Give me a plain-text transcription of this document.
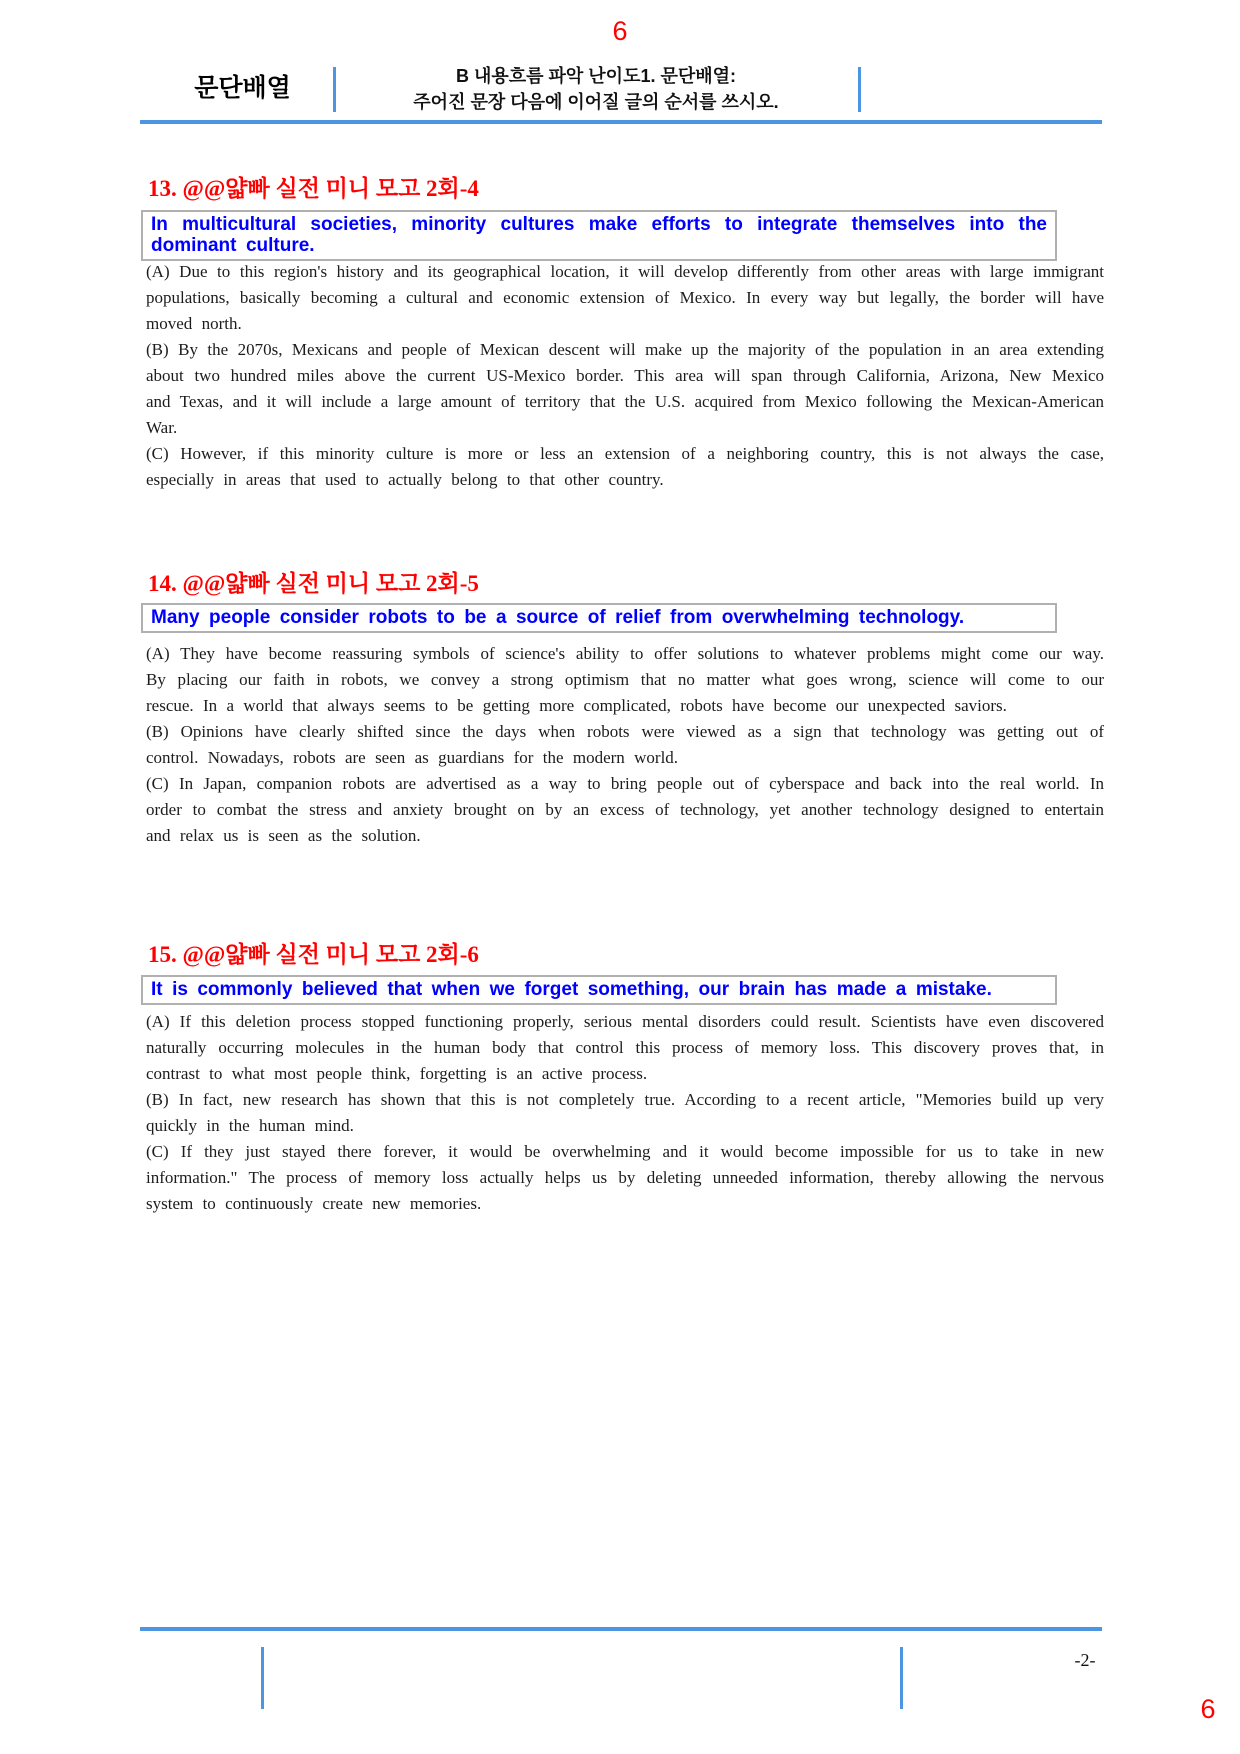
6
문단배열	B 내용흐름 파악 난이도1. 문단배열:
주어진 문장 다음에 이어질 글의 순서를 쓰시오.
13. @@얇빠 실전 미니 모고 2회-4
In multicultural societies, minority cultures make efforts to integrate themselves into the dominant culture.

(A) Due to this region's history and its geographical location, it will develop differently from other areas with large immigrant populations, basically becoming a cultural and economic extension of Mexico. In every way but legally, the border will have moved north.

(B) By the 2070s, Mexicans and people of Mexican descent will make up the majority of the population in an area extending about two hundred miles above the current US-Mexico border. This area will span through California, Arizona, New Mexico and Texas, and it will include a large amount of territory that the U.S. acquired from Mexico following the Mexican-American War.

(C) However, if this minority culture is more or less an extension of a neighboring country, this is not always the case, especially in areas that used to actually belong to that other country.

14. @@얇빠 실전 미니 모고 2회-5
Many people consider robots to be a source of relief from overwhelming technology.

(A) They have become reassuring symbols of science's ability to offer solutions to whatever problems might come our way. By placing our faith in robots, we convey a strong optimism that no matter what goes wrong, science will come to our rescue. In a world that always seems to be getting more complicated, robots have become our unexpected saviors.

(B) Opinions have clearly shifted since the days when robots were viewed as a sign that technology was getting out of control. Nowadays, robots are seen as guardians for the modern world.

(C) In Japan, companion robots are advertised as a way to bring people out of cyberspace and back into the real world. In order to combat the stress and anxiety brought on by an excess of technology, yet another technology designed to entertain and relax us is seen as the solution.

15. @@얇빠 실전 미니 모고 2회-6
It is commonly believed that when we forget something, our brain has made a mistake.

(A) If this deletion process stopped functioning properly, serious mental disorders could result. Scientists have even discovered naturally occurring molecules in the human body that control this process of memory loss. This discovery proves that, in contrast to what most people think, forgetting is an active process.

(B) In fact, new research has shown that this is not completely true. According to a recent article, "Memories build up very quickly in the human mind.

(C) If they just stayed there forever, it would be overwhelming and it would become impossible for us to take in new information." The process of memory loss actually helps us by deleting unneeded information, thereby allowing the nervous system to continuously create new memories.

-2-
6
